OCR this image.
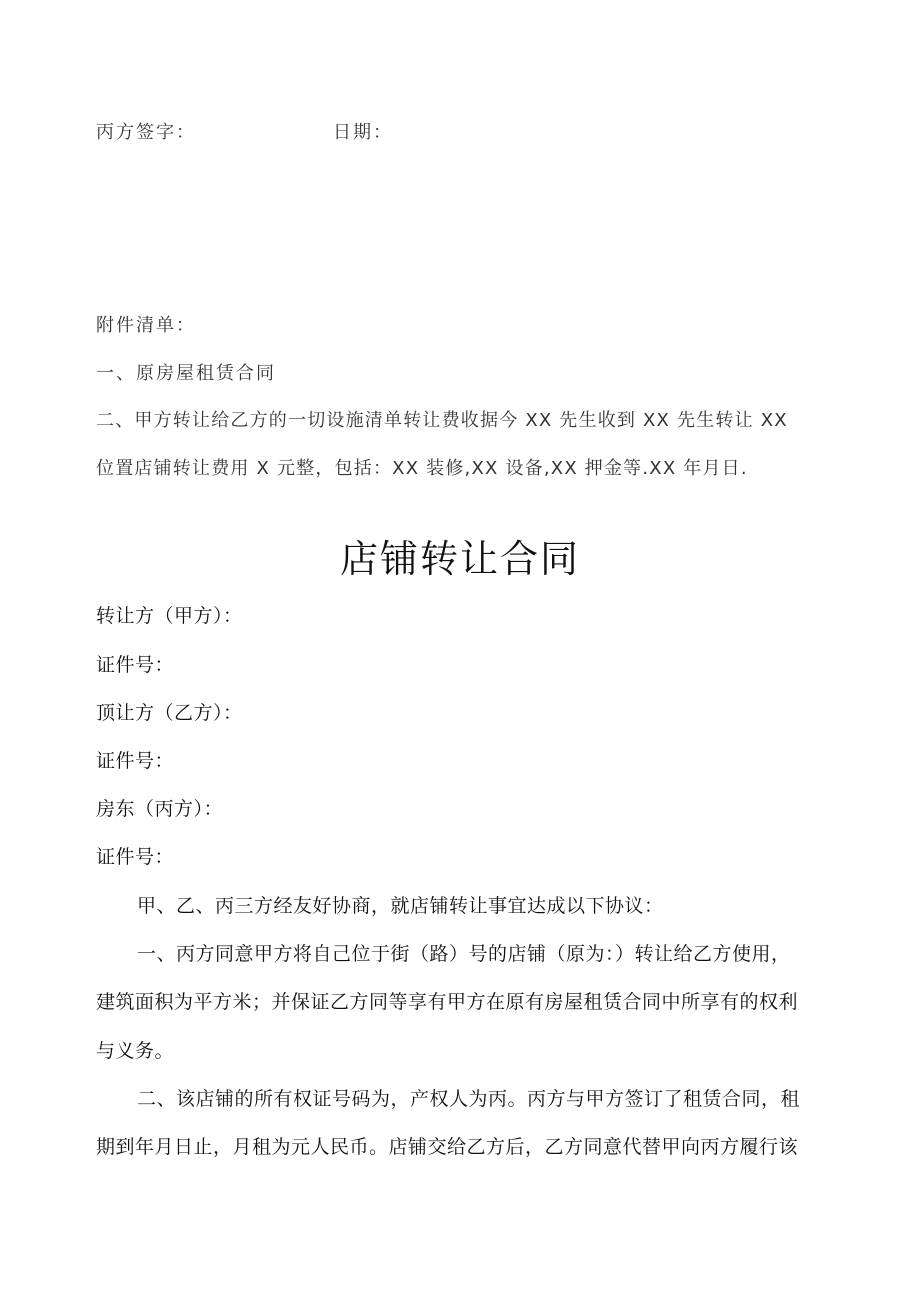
丙方签字：	日期：
附件清单：
一、原房屋租赁合同
二、甲方转让给乙方的一切设施清单转让费收据今 XX 先生收到 XX 先生转让 XX
位置店铺转让费用 X 元整，包括：XX 装修,XX 设备,XX 押金等.XX 年月日.
店铺转让合同
转让方（甲方）：
证件号：
顶让方（乙方）：
证件号：
房东（丙方）：
证件号：
甲、乙、丙三方经友好协商，就店铺转让事宜达成以下协议：
一、丙方同意甲方将自己位于街（路）号的店铺（原为：）转让给乙方使用，
建筑面积为平方米；并保证乙方同等享有甲方在原有房屋租赁合同中所享有的权利
与义务。
二、该店铺的所有权证号码为，产权人为丙。丙方与甲方签订了租赁合同，租
期到年月日止，月租为元人民币。店铺交给乙方后，乙方同意代替甲向丙方履行该
